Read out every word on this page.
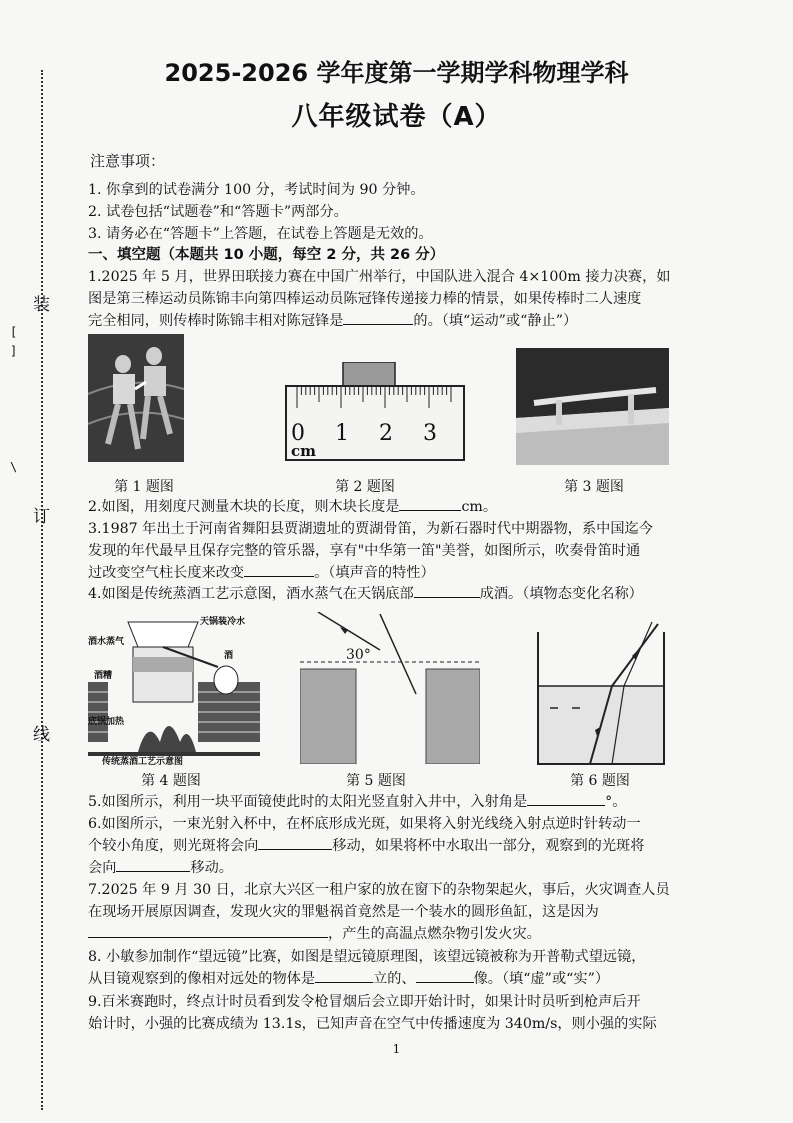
装
订
线
[
]
\
2025-2026 学年度第一学期学科物理学科
八年级试卷（A）
注意事项：
1. 你拿到的试卷满分 100 分，考试时间为 90 分钟。
2. 试卷包括“试题卷”和“答题卡”两部分。
3. 请务必在“答题卡”上答题，在试卷上答题是无效的。
一、填空题（本题共 10 小题，每空 2 分，共 26 分）
1.2025 年 5 月，世界田联接力赛在中国广州举行，中国队进入混合 4×100m 接力决赛，如
图是第三棒运动员陈锦丰向第四棒运动员陈冠锋传递接力棒的情景，如果传棒时二人速度
完全相同，则传棒时陈锦丰相对陈冠锋是	的。（填“运动”或“静止”）
0 1 2 3
cm
第 1 题图	第 2 题图	第 3 题图
2.如图，用刻度尺测量木块的长度，则木块长度是	cm。
3.1987 年出土于河南省舞阳县贾湖遗址的贾湖骨笛，为新石器时代中期器物，系中国迄今
发现的年代最早且保存完整的管乐器，享有"中华第一笛"美誉，如图所示，吹奏骨笛时通
过改变空气柱长度来改变	。（填声音的特性）
4.如图是传统蒸酒工艺示意图，酒水蒸气在天锅底部	成酒。（填物态变化名称）
天锅装冷水
酒水蒸气
酒
酒糟
底锅加热
传统蒸酒工艺示意图
30°
第 4 题图	第 5 题图	第 6 题图
5.如图所示，利用一块平面镜使此时的太阳光竖直射入井中，入射角是	°。
6.如图所示，一束光射入杯中，在杯底形成光斑，如果将入射光线绕入射点逆时针转动一
个较小角度，则光斑将会向	移动，如果将杯中水取出一部分，观察到的光斑将
会向	移动。
7.2025 年 9 月 30 日，北京大兴区一租户家的放在窗下的杂物架起火，事后，火灾调查人员
在现场开展原因调查，发现火灾的罪魁祸首竟然是一个装水的圆形鱼缸，这是因为
，产生的高温点燃杂物引发火灾。
8. 小敏参加制作“望远镜”比赛，如图是望远镜原理图，该望远镜被称为开普勒式望远镜，
从目镜观察到的像相对远处的物体是	立的、	像。（填“虚”或“实”）
9.百米赛跑时，终点计时员看到发令枪冒烟后会立即开始计时，如果计时员听到枪声后开
始计时，小强的比赛成绩为 13.1s，已知声音在空气中传播速度为 340m/s，则小强的实际
1
